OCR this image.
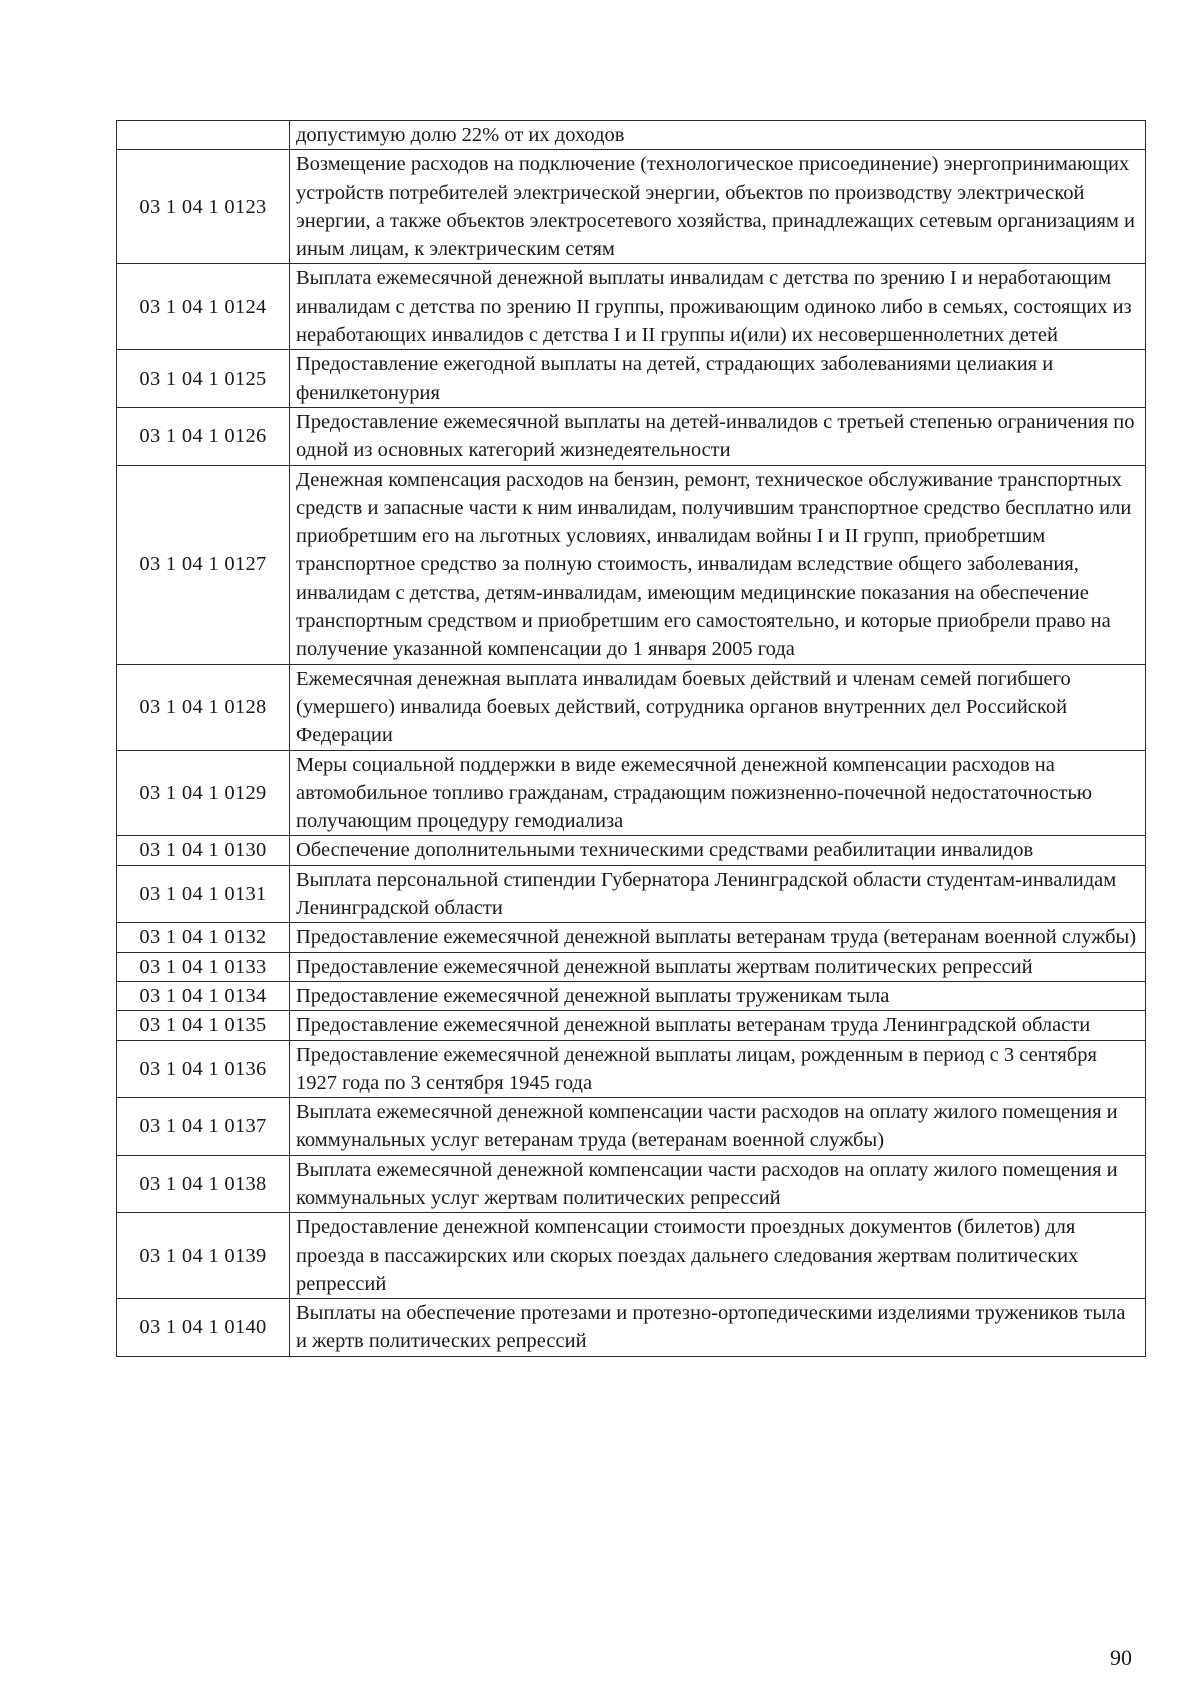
	допустимую долю 22% от их доходов
03 1 04 1 0123	Возмещение расходов на подключение (технологическое присоединение) энергопринимающих устройств потребителей электрической энергии, объектов по производству электрической энергии, а также объектов электросетевого хозяйства, принадлежащих сетевым организациям и иным лицам, к электрическим сетям
03 1 04 1 0124	Выплата ежемесячной денежной выплаты инвалидам с детства по зрению I и неработающим инвалидам с детства по зрению II группы, проживающим одиноко либо в семьях, состоящих из неработающих инвалидов с детства I и II группы и(или) их несовершеннолетних детей
03 1 04 1 0125	Предоставление ежегодной выплаты на детей, страдающих заболеваниями целиакия и фенилкетонурия
03 1 04 1 0126	Предоставление ежемесячной выплаты на детей-инвалидов с третьей степенью ограничения по одной из основных категорий жизнедеятельности
03 1 04 1 0127	Денежная компенсация расходов на бензин, ремонт, техническое обслуживание транспортных средств и запасные части к ним инвалидам, получившим транспортное средство бесплатно или приобретшим его на льготных условиях, инвалидам войны I и II групп, приобретшим транспортное средство за полную стоимость, инвалидам вследствие общего заболевания, инвалидам с детства, детям-инвалидам, имеющим медицинские показания на обеспечение транспортным средством и приобретшим его самостоятельно, и которые приобрели право на получение указанной компенсации до 1 января 2005 года
03 1 04 1 0128	Ежемесячная денежная выплата инвалидам боевых действий и членам семей погибшего (умершего) инвалида боевых действий, сотрудника органов внутренних дел Российской Федерации
03 1 04 1 0129	Меры социальной поддержки в виде ежемесячной денежной компенсации расходов на автомобильное топливо гражданам, страдающим пожизненно-почечной недостаточностью получающим процедуру гемодиализа
03 1 04 1 0130	Обеспечение дополнительными техническими средствами реабилитации инвалидов
03 1 04 1 0131	Выплата персональной стипендии Губернатора Ленинградской области студентам-инвалидам Ленинградской области
03 1 04 1 0132	Предоставление ежемесячной денежной выплаты ветеранам труда (ветеранам военной службы)
03 1 04 1 0133	Предоставление ежемесячной денежной выплаты жертвам политических репрессий
03 1 04 1 0134	Предоставление ежемесячной денежной выплаты труженикам тыла
03 1 04 1 0135	Предоставление ежемесячной денежной выплаты ветеранам труда Ленинградской области
03 1 04 1 0136	Предоставление ежемесячной денежной выплаты лицам, рожденным в период с 3 сентября 1927 года по 3 сентября 1945 года
03 1 04 1 0137	Выплата ежемесячной денежной компенсации части расходов на оплату жилого помещения и коммунальных услуг ветеранам труда (ветеранам военной службы)
03 1 04 1 0138	Выплата ежемесячной денежной компенсации части расходов на оплату жилого помещения и коммунальных услуг жертвам политических репрессий
03 1 04 1 0139	Предоставление денежной компенсации стоимости проездных документов (билетов) для проезда в пассажирских или скорых поездах дальнего следования жертвам политических репрессий
03 1 04 1 0140	Выплаты на обеспечение протезами и протезно-ортопедическими изделиями тружеников тыла и жертв политических репрессий
90
